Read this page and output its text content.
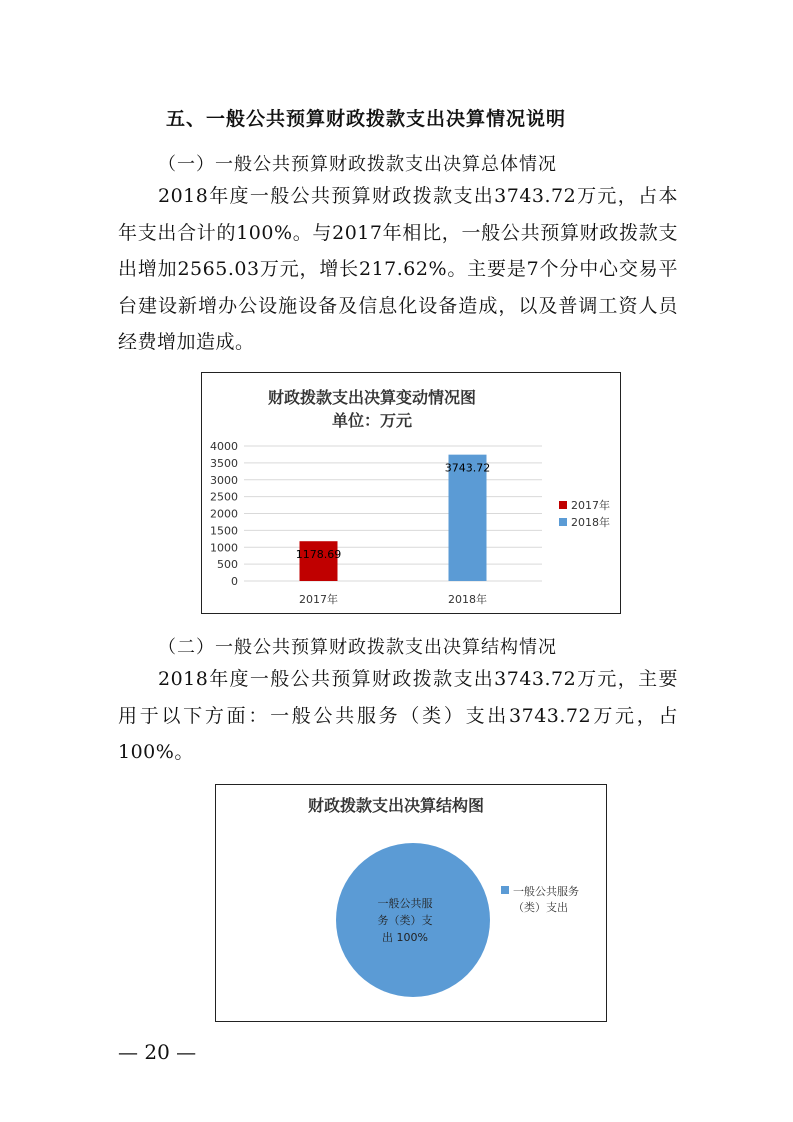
五、一般公共预算财政拨款支出决算情况说明
（一）一般公共预算财政拨款支出决算总体情况
2018年度一般公共预算财政拨款支出3743.72万元，占本年支出合计的100%。与2017年相比，一般公共预算财政拨款支出增加2565.03万元，增长217.62%。主要是7个分中心交易平台建设新增办公设施设备及信息化设备造成，以及普调工资人员经费增加造成。
财政拨款支出决算变动情况图
单位：万元
0
500
1000
1500
2000
2500
3000
3500
4000
1178.69
3743.72
2017年	2018年
2017年
2018年
（二）一般公共预算财政拨款支出决算结构情况
2018年度一般公共预算财政拨款支出3743.72万元，主要用于以下方面：一般公共服务（类）支出3743.72万元，占100%。
财政拨款支出决算结构图
一般公共服
务（类）支
出 100%
一般公共服务
（类）支出
— 20 —
